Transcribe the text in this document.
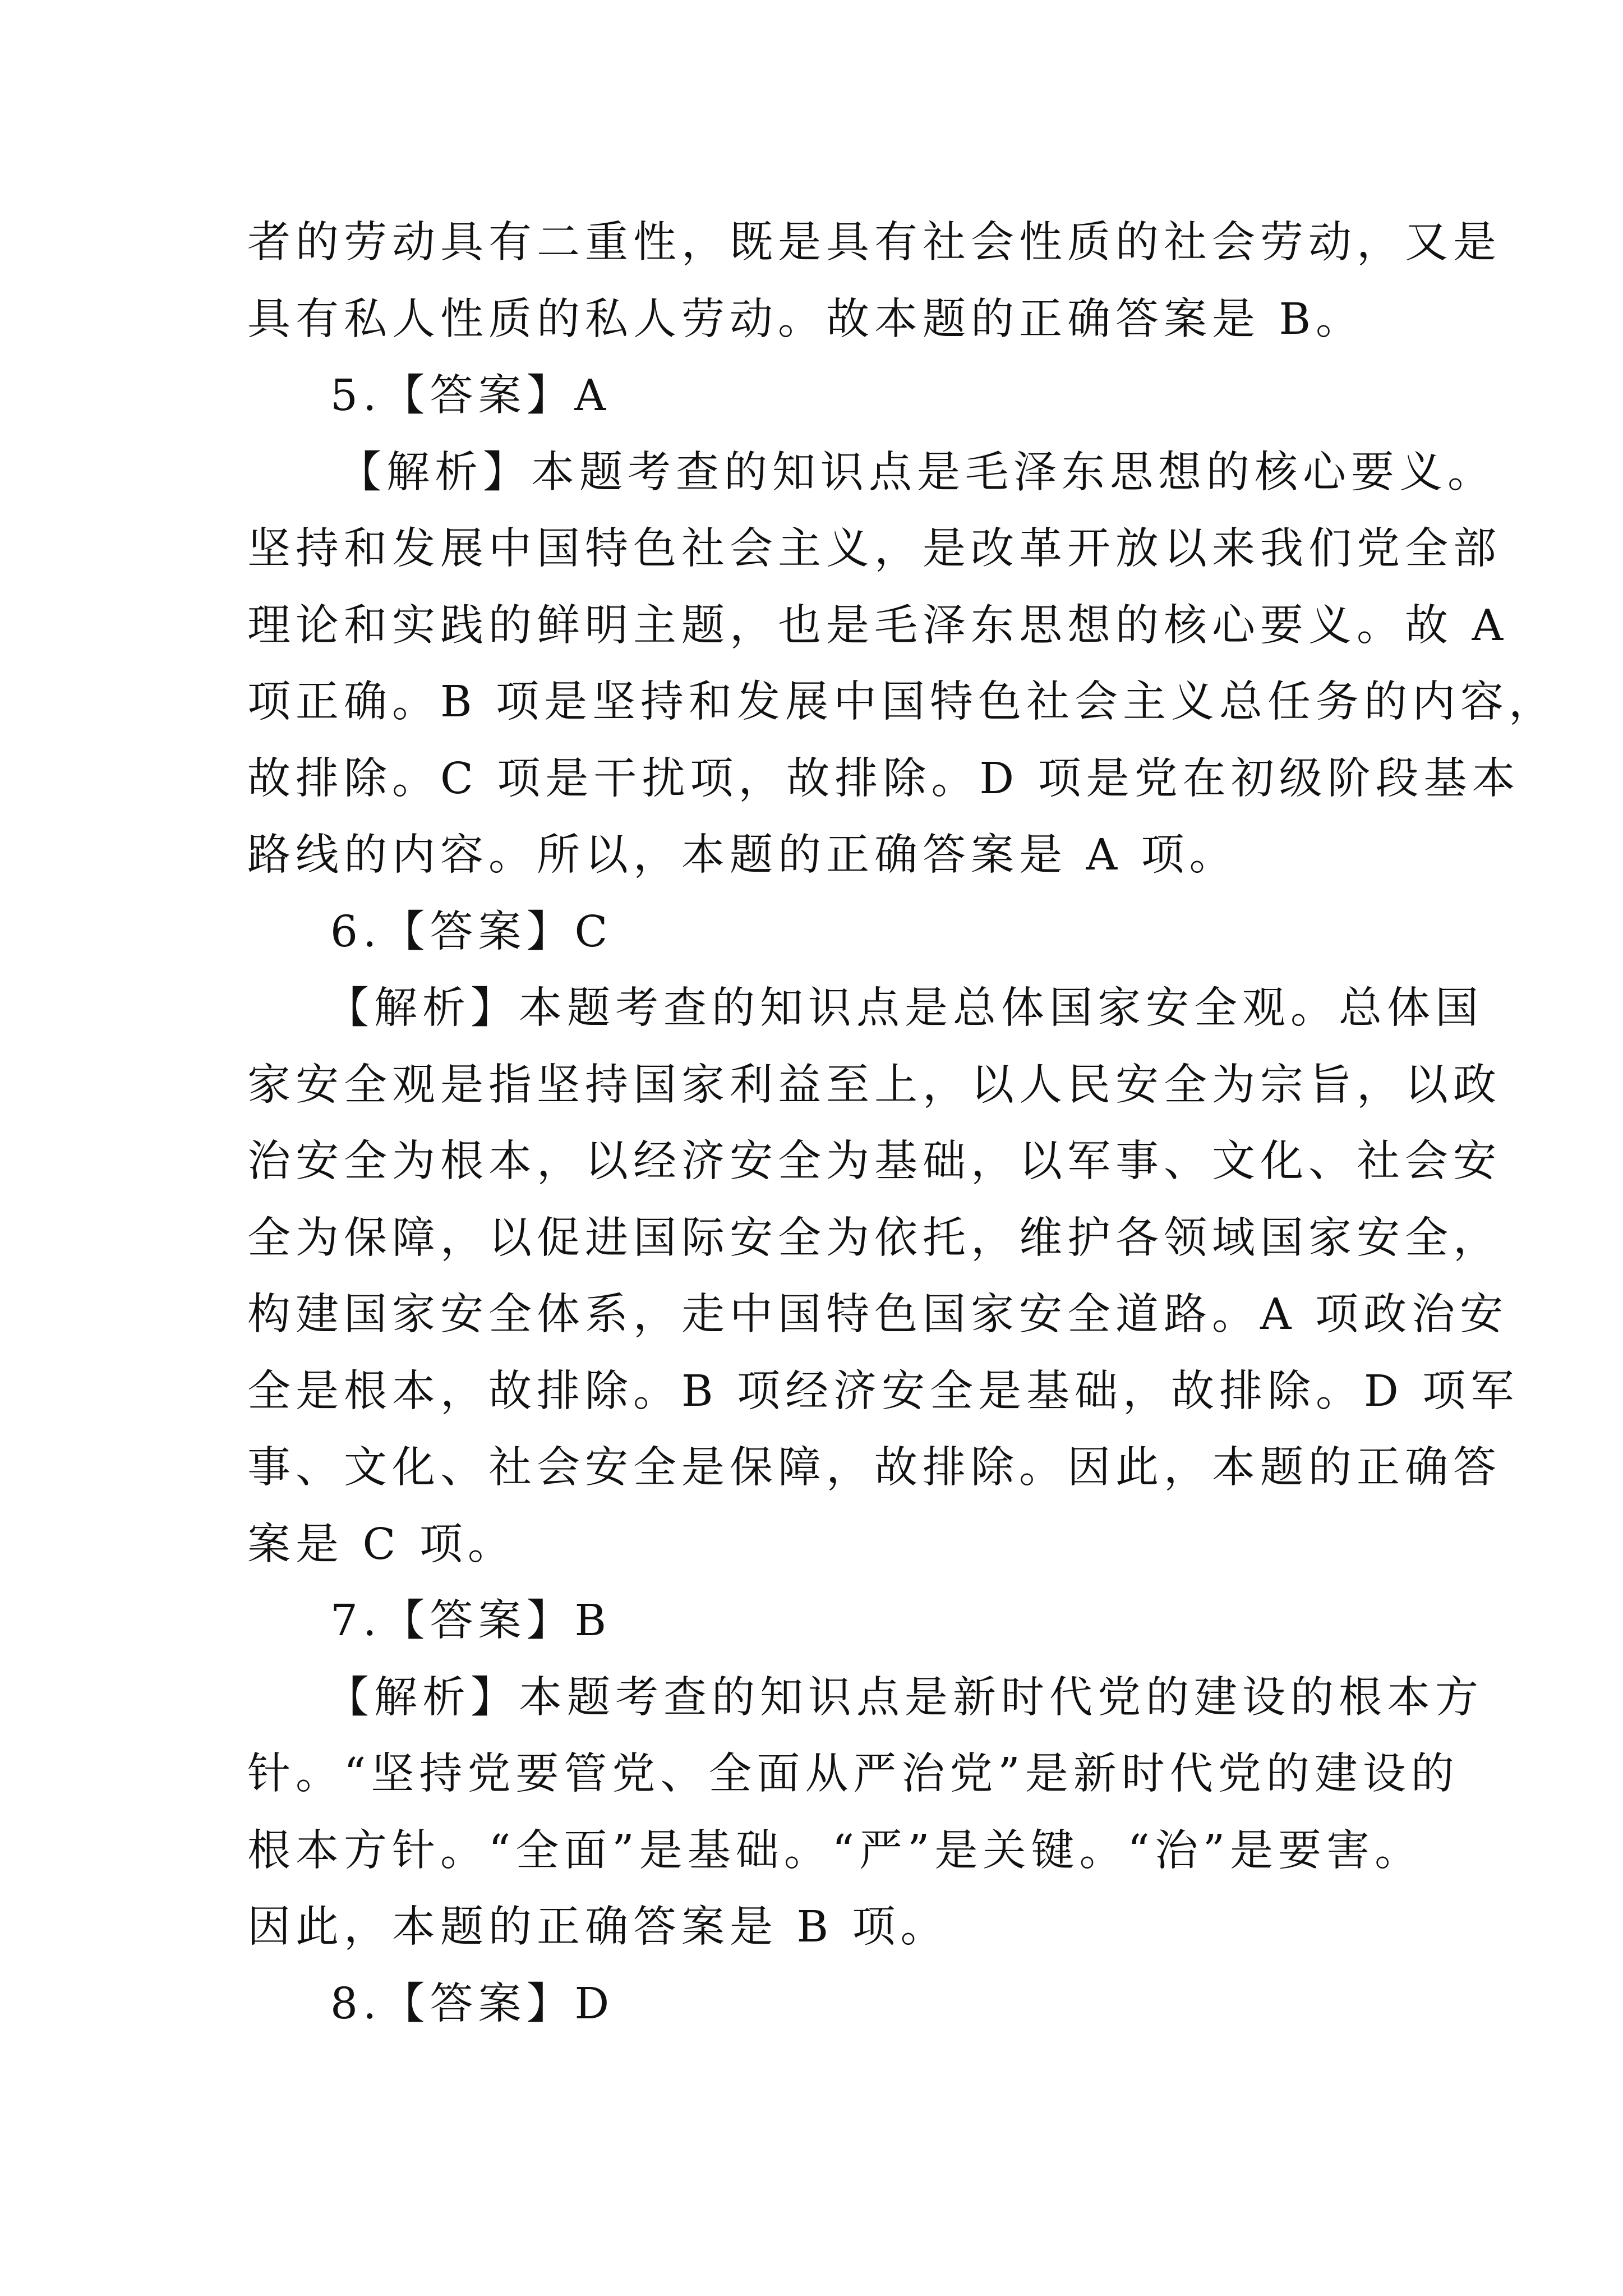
者的劳动具有二重性，既是具有社会性质的社会劳动，又是
具有私人性质的私人劳动。故本题的正确答案是 B。
5.【答案】A
【解析】本题考查的知识点是毛泽东思想的核心要义。
坚持和发展中国特色社会主义，是改革开放以来我们党全部
理论和实践的鲜明主题，也是毛泽东思想的核心要义。故 A
项正确。B 项是坚持和发展中国特色社会主义总任务的内容，
故排除。C 项是干扰项，故排除。D 项是党在初级阶段基本
路线的内容。所以，本题的正确答案是 A 项。
6.【答案】C
【解析】本题考查的知识点是总体国家安全观。总体国
家安全观是指坚持国家利益至上，以人民安全为宗旨，以政
治安全为根本，以经济安全为基础，以军事、文化、社会安
全为保障，以促进国际安全为依托，维护各领域国家安全，
构建国家安全体系，走中国特色国家安全道路。A 项政治安
全是根本，故排除。B 项经济安全是基础，故排除。D 项军
事、文化、社会安全是保障，故排除。因此，本题的正确答
案是 C 项。
7.【答案】B
【解析】本题考查的知识点是新时代党的建设的根本方
针。“坚持党要管党、全面从严治党”是新时代党的建设的
根本方针。“全面”是基础。“严”是关键。“治”是要害。
因此，本题的正确答案是 B 项。
8.【答案】D
